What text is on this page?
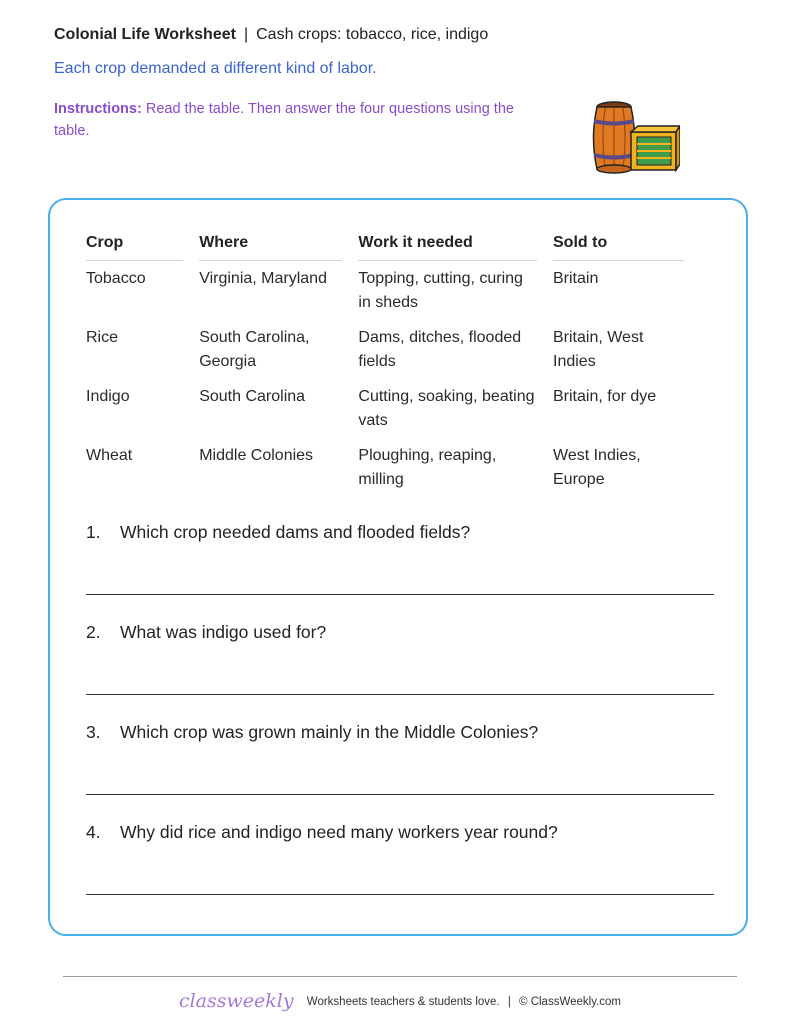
Colonial Life Worksheet | Cash crops: tobacco, rice, indigo
Each crop demanded a different kind of labor.
Instructions: Read the table. Then answer the four questions using the table.
Crop	Where	Work it needed	Sold to
Tobacco	Virginia, Maryland	Topping, cutting, curing in sheds	Britain
Rice	South Carolina, Georgia	Dams, ditches, flooded fields	Britain, West Indies
Indigo	South Carolina	Cutting, soaking, beating vats	Britain, for dye
Wheat	Middle Colonies	Ploughing, reaping, milling	West Indies, Europe
1. Which crop needed dams and flooded fields?
2. What was indigo used for?
3. Which crop was grown mainly in the Middle Colonies?
4. Why did rice and indigo need many workers year round?
classweekly Worksheets teachers & students love. | © ClassWeekly.com
